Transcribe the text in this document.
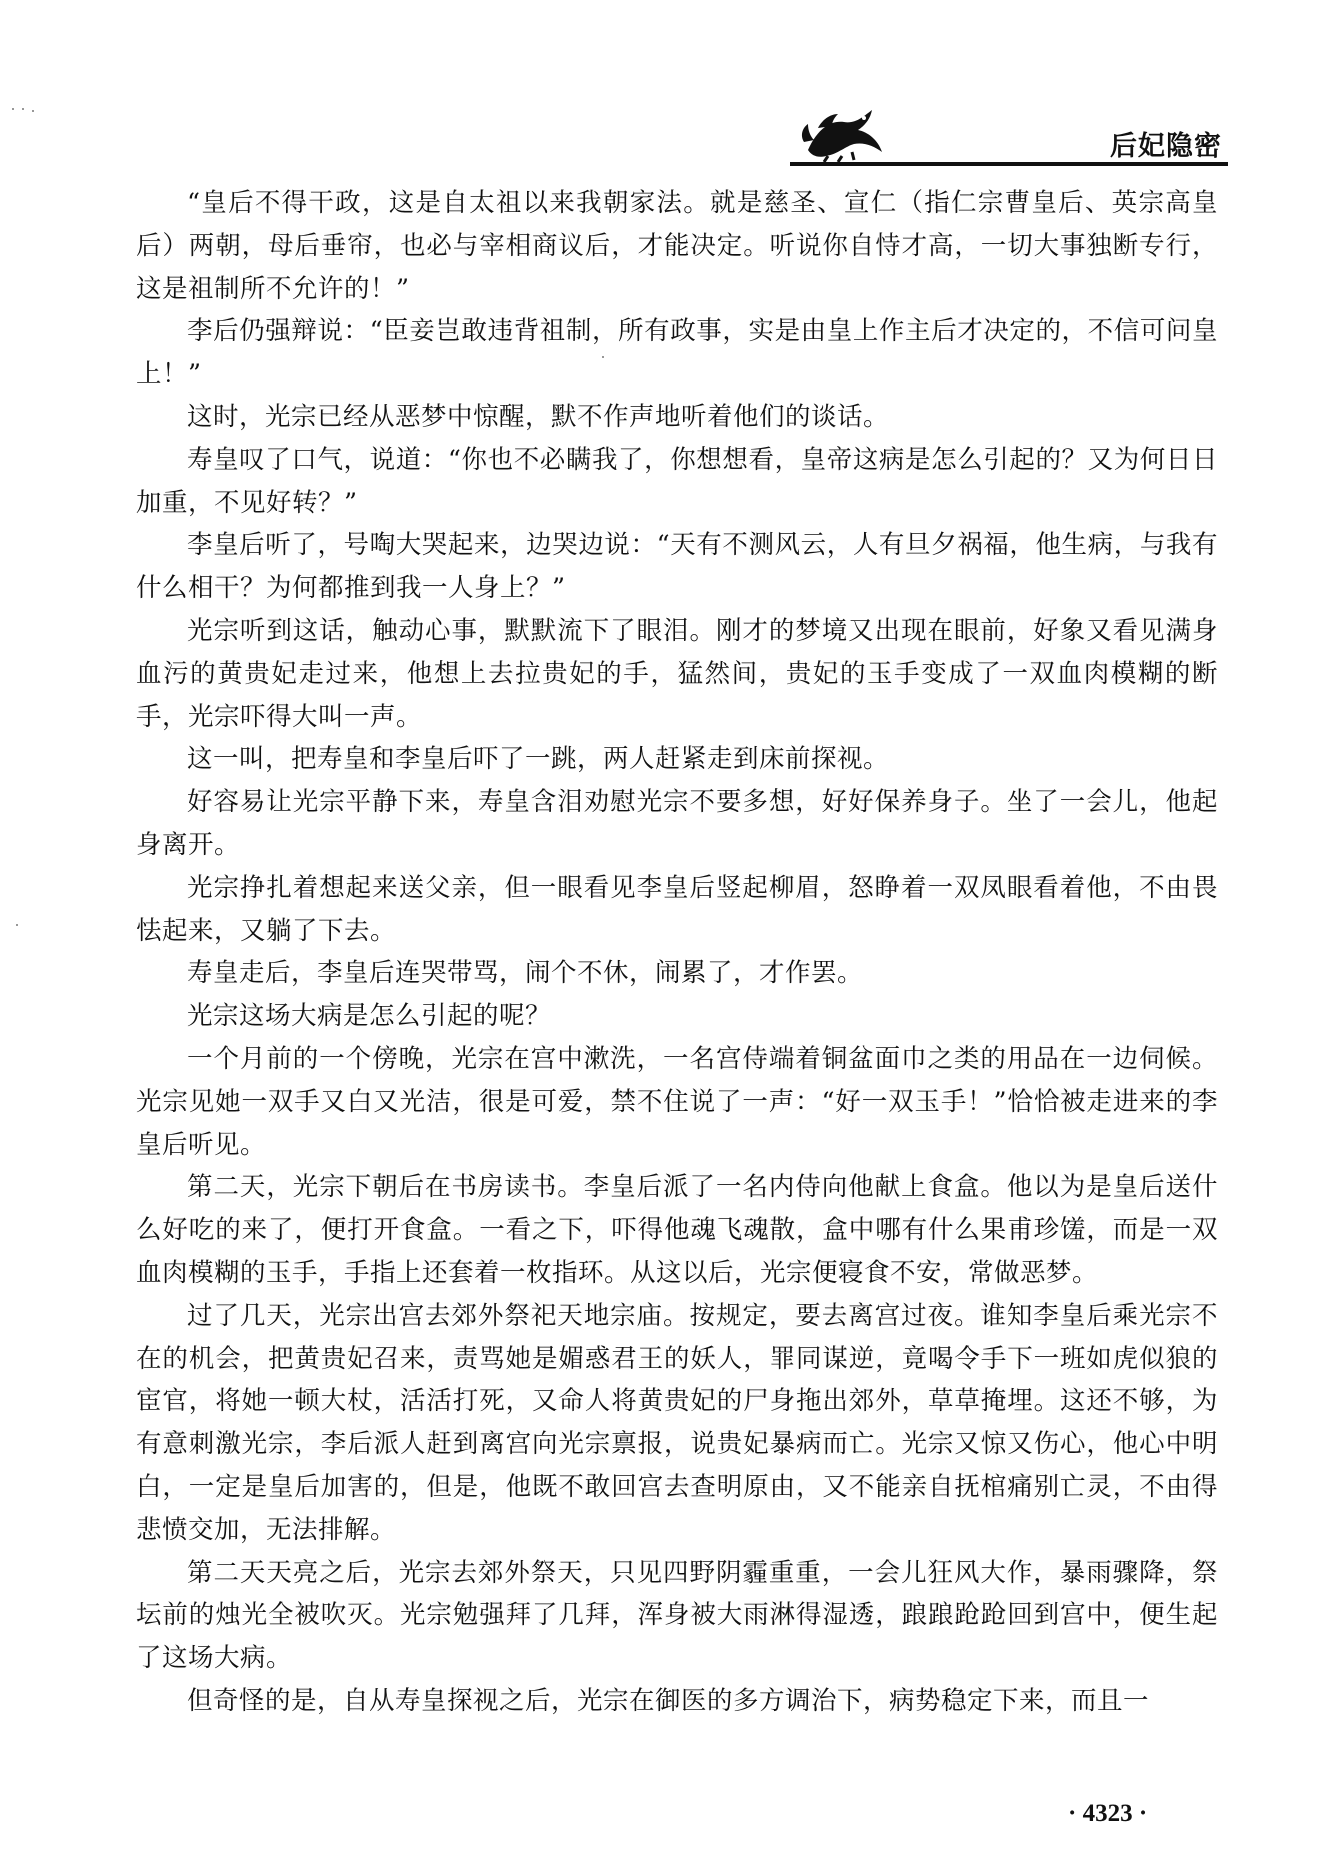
后妃隐密

“皇后不得干政，这是自太祖以来我朝家法。就是慈圣、宣仁（指仁宗曹皇后、英宗高皇后）两朝，母后垂帘，也必与宰相商议后，才能决定。听说你自恃才高，一切大事独断专行，这是祖制所不允许的！”

李后仍强辩说：“臣妾岂敢违背祖制，所有政事，实是由皇上作主后才决定的，不信可问皇上！”

这时，光宗已经从恶梦中惊醒，默不作声地听着他们的谈话。

寿皇叹了口气，说道：“你也不必瞒我了，你想想看，皇帝这病是怎么引起的？又为何日日加重，不见好转？”

李皇后听了，号啕大哭起来，边哭边说：“天有不测风云，人有旦夕祸福，他生病，与我有什么相干？为何都推到我一人身上？”

光宗听到这话，触动心事，默默流下了眼泪。刚才的梦境又出现在眼前，好象又看见满身血污的黄贵妃走过来，他想上去拉贵妃的手，猛然间，贵妃的玉手变成了一双血肉模糊的断手，光宗吓得大叫一声。

这一叫，把寿皇和李皇后吓了一跳，两人赶紧走到床前探视。

好容易让光宗平静下来，寿皇含泪劝慰光宗不要多想，好好保养身子。坐了一会儿，他起身离开。

光宗挣扎着想起来送父亲，但一眼看见李皇后竖起柳眉，怒睁着一双凤眼看着他，不由畏怯起来，又躺了下去。

寿皇走后，李皇后连哭带骂，闹个不休，闹累了，才作罢。

光宗这场大病是怎么引起的呢？

一个月前的一个傍晚，光宗在宫中漱洗，一名宫侍端着铜盆面巾之类的用品在一边伺候。光宗见她一双手又白又光洁，很是可爱，禁不住说了一声：“好一双玉手！”恰恰被走进来的李皇后听见。

第二天，光宗下朝后在书房读书。李皇后派了一名内侍向他献上食盒。他以为是皇后送什么好吃的来了，便打开食盒。一看之下，吓得他魂飞魂散，盒中哪有什么果甫珍馐，而是一双血肉模糊的玉手，手指上还套着一枚指环。从这以后，光宗便寝食不安，常做恶梦。

过了几天，光宗出宫去郊外祭祀天地宗庙。按规定，要去离宫过夜。谁知李皇后乘光宗不在的机会，把黄贵妃召来，责骂她是媚惑君王的妖人，罪同谋逆，竟喝令手下一班如虎似狼的宦官，将她一顿大杖，活活打死，又命人将黄贵妃的尸身拖出郊外，草草掩埋。这还不够，为有意刺激光宗，李后派人赶到离宫向光宗禀报，说贵妃暴病而亡。光宗又惊又伤心，他心中明白，一定是皇后加害的，但是，他既不敢回宫去查明原由，又不能亲自抚棺痛别亡灵，不由得悲愤交加，无法排解。

第二天天亮之后，光宗去郊外祭天，只见四野阴霾重重，一会儿狂风大作，暴雨骤降，祭坛前的烛光全被吹灭。光宗勉强拜了几拜，浑身被大雨淋得湿透，踉踉跄跄回到宫中，便生起了这场大病。

但奇怪的是，自从寿皇探视之后，光宗在御医的多方调治下，病势稳定下来，而且一

· 4323 ·
